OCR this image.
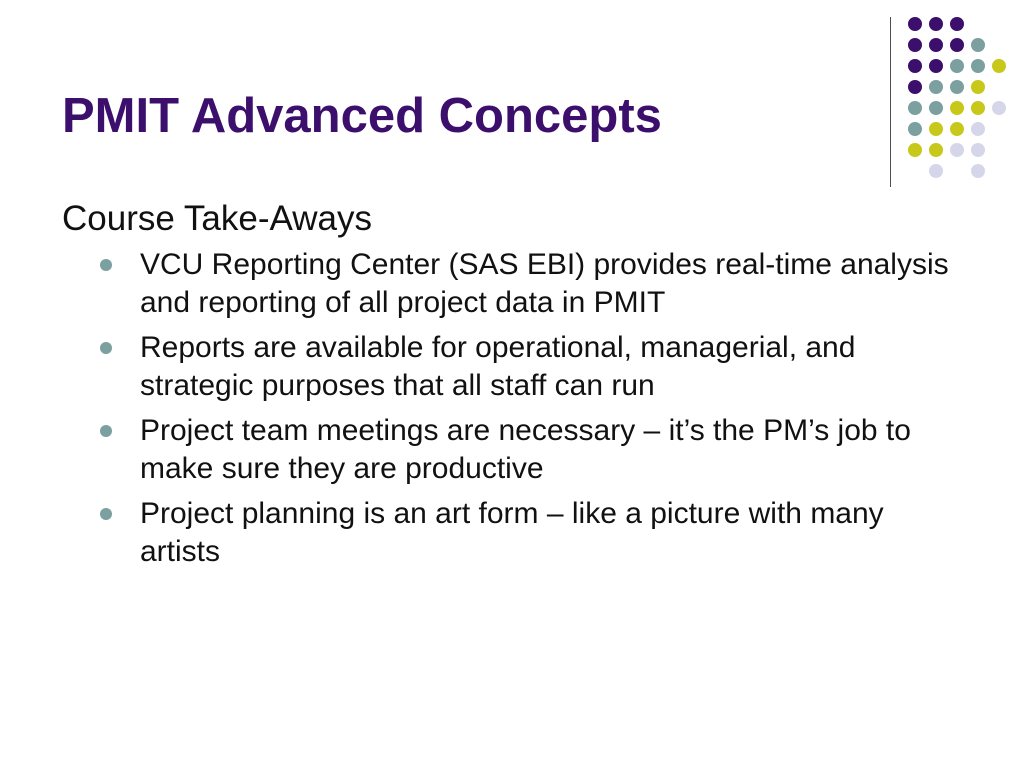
PMIT Advanced Concepts
Course Take-Aways
VCU Reporting Center (SAS EBI) provides real-time analysis and reporting of all project data in PMIT
Reports are available for operational, managerial, and strategic purposes that all staff can run
Project team meetings are necessary – it’s the PM’s job to make sure they are productive
Project planning is an art form – like a picture with many artists
